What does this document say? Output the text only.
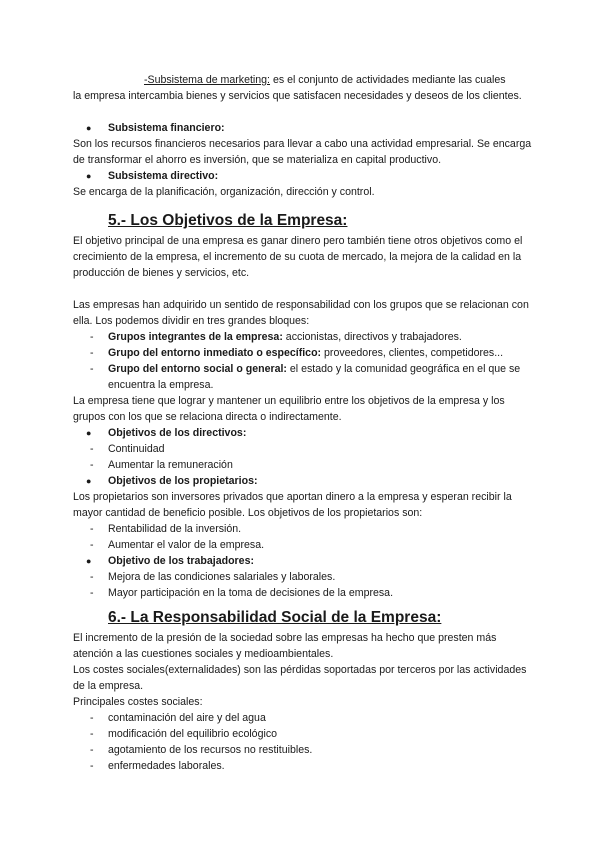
-Subsistema de marketing: es el conjunto de actividades mediante las cuales

la empresa intercambia bienes y servicios que satisfacen necesidades y deseos de los clientes.

● Subsistema financiero:

Son los recursos financieros necesarios para llevar a cabo una actividad empresarial. Se encarga de transformar el ahorro es inversión, que se materializa en capital productivo.

● Subsistema directivo:

Se encarga de la planificación, organización, dirección y control.

5.- Los Objetivos de la Empresa:

El objetivo principal de una empresa es ganar dinero pero también tiene otros objetivos como el crecimiento de la empresa, el incremento de su cuota de mercado, la mejora de la calidad en la producción de bienes y servicios, etc.

Las empresas han adquirido un sentido de responsabilidad con los grupos que se relacionan con ella. Los podemos dividir en tres grandes bloques:

- Grupos integrantes de la empresa: accionistas, directivos y trabajadores.
- Grupo del entorno inmediato o específico: proveedores, clientes, competidores...
- Grupo del entorno social o general: el estado y la comunidad geográfica en el que se encuentra la empresa.

La empresa tiene que lograr y mantener un equilibrio entre los objetivos de la empresa y los grupos con los que se relaciona directa o indirectamente.

● Objetivos de los directivos:
- Continuidad
- Aumentar la remuneración
● Objetivos de los propietarios:

Los propietarios son inversores privados que aportan dinero a la empresa y esperan recibir la mayor cantidad de beneficio posible. Los objetivos de los propietarios son:

- Rentabilidad de la inversión.
- Aumentar el valor de la empresa.
● Objetivo de los trabajadores:
- Mejora de las condiciones salariales y laborales.
- Mayor participación en la toma de decisiones de la empresa.
6.- La Responsabilidad Social de la Empresa:

El incremento de la presión de la sociedad sobre las empresas ha hecho que presten más atención a las cuestiones sociales y medioambientales.

Los costes sociales(externalidades) son las pérdidas soportadas por terceros por las actividades de la empresa.

Principales costes sociales:

- contaminación del aire y del agua
- modificación del equilibrio ecológico
- agotamiento de los recursos no restituibles.
- enfermedades laborales.
